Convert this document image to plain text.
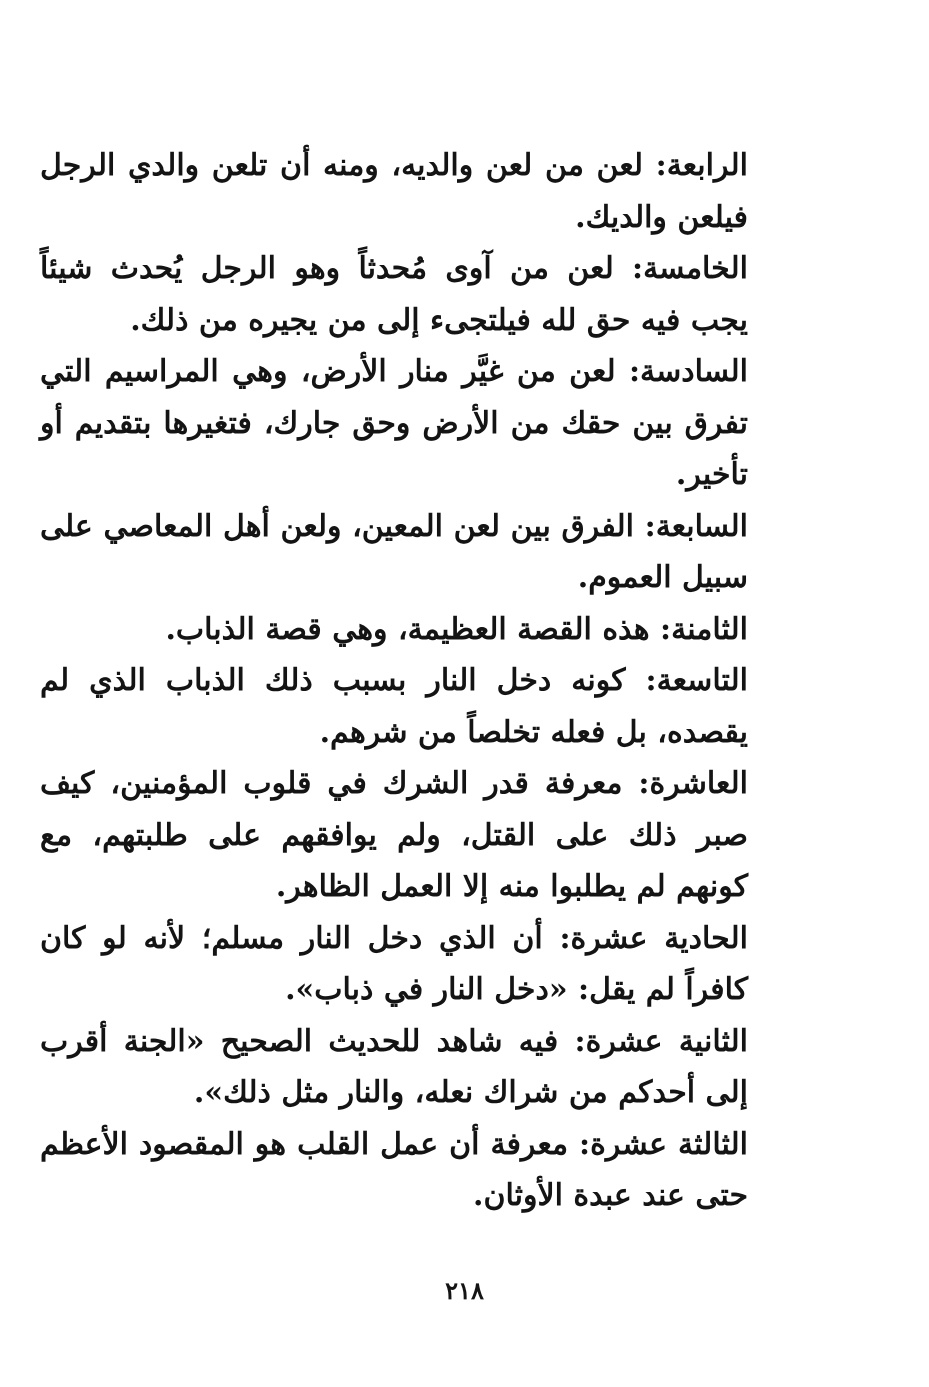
الرابعة: لعن من لعن والديه، ومنه أن تلعن والدي الرجل فيلعن والديك.

الخامسة: لعن من آوى مُحدثاً وهو الرجل يُحدث شيئاً يجب فيه حق لله فيلتجىء إلى من يجيره من ذلك.

السادسة: لعن من غيَّر منار الأرض، وهي المراسيم التي تفرق بين حقك من الأرض وحق جارك، فتغيرها بتقديم أو تأخير.

السابعة: الفرق بين لعن المعين، ولعن أهل المعاصي على سبيل العموم.

الثامنة: هذه القصة العظيمة، وهي قصة الذباب.

التاسعة: كونه دخل النار بسبب ذلك الذباب الذي لم يقصده، بل فعله تخلصاً من شرهم.

العاشرة: معرفة قدر الشرك في قلوب المؤمنين، كيف صبر ذلك على القتل، ولم يوافقهم على طلبتهم، مع كونهم لم يطلبوا منه إلا العمل الظاهر.

الحادية عشرة: أن الذي دخل النار مسلم؛ لأنه لو كان كافراً لم يقل: «دخل النار في ذباب».

الثانية عشرة: فيه شاهد للحديث الصحيح «الجنة أقرب إلى أحدكم من شراك نعله، والنار مثل ذلك».

الثالثة عشرة: معرفة أن عمل القلب هو المقصود الأعظم حتى عند عبدة الأوثان.

٢١٨
